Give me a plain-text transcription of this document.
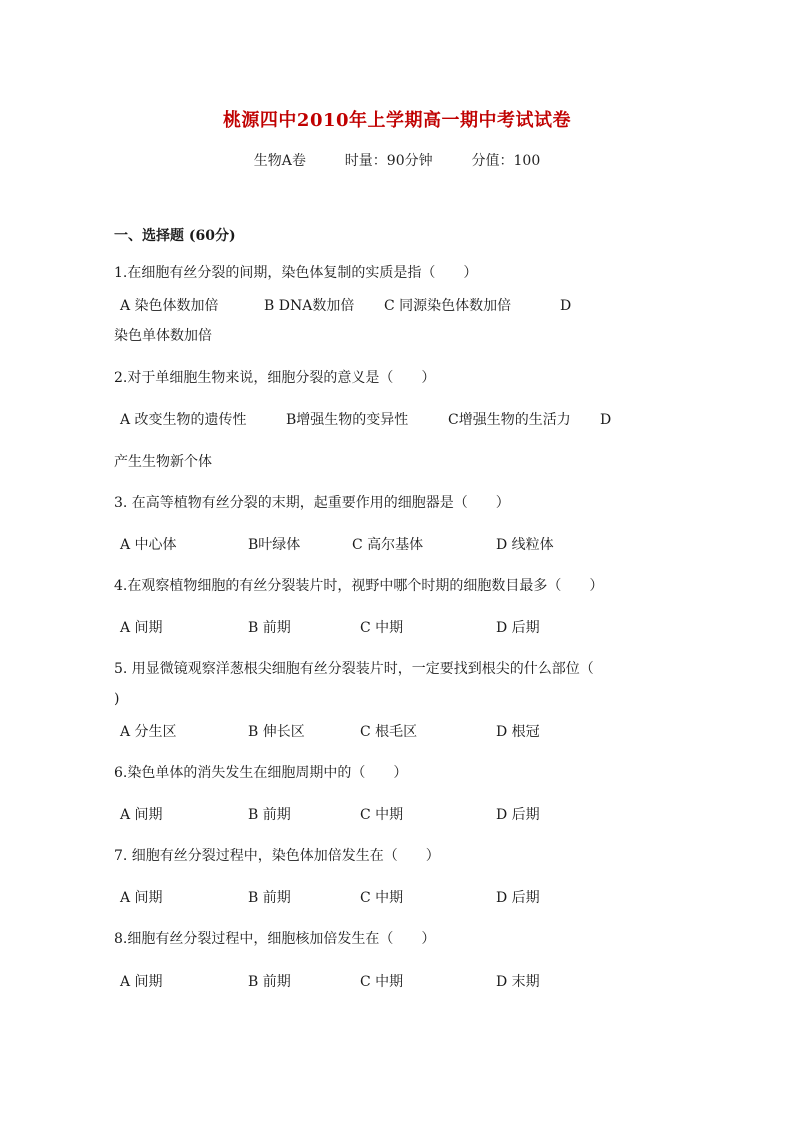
桃源四中2010年上学期高一期中考试试卷
生物A卷	时量：90分钟	分值：100
一、选择题 (60分)
1.在细胞有丝分裂的间期，染色体复制的实质是指（　　）
A 染色体数加倍	B DNA数加倍 C 同源染色体数加倍	D
染色单体数加倍
2.对于单细胞生物来说，细胞分裂的意义是（　　）
A 改变生物的遗传性	B增强生物的变异性	C增强生物的生活力 D
产生生物新个体
3. 在高等植物有丝分裂的末期，起重要作用的细胞器是（　　）
A 中心体	B叶绿体	C 高尔基体	D 线粒体
4.在观察植物细胞的有丝分裂装片时，视野中哪个时期的细胞数目最多（　　）
A 间期	B 前期	C 中期	D 后期
5. 用显微镜观察洋葱根尖细胞有丝分裂装片时，一定要找到根尖的什么部位（
)
A 分生区	B 伸长区	C 根毛区	D 根冠
6.染色单体的消失发生在细胞周期中的（　　）
A 间期	B 前期	C 中期	D 后期
7. 细胞有丝分裂过程中，染色体加倍发生在（　　）
A 间期	B 前期	C 中期	D 后期
8.细胞有丝分裂过程中，细胞核加倍发生在（　　）
A 间期	B 前期	C 中期	D 末期
